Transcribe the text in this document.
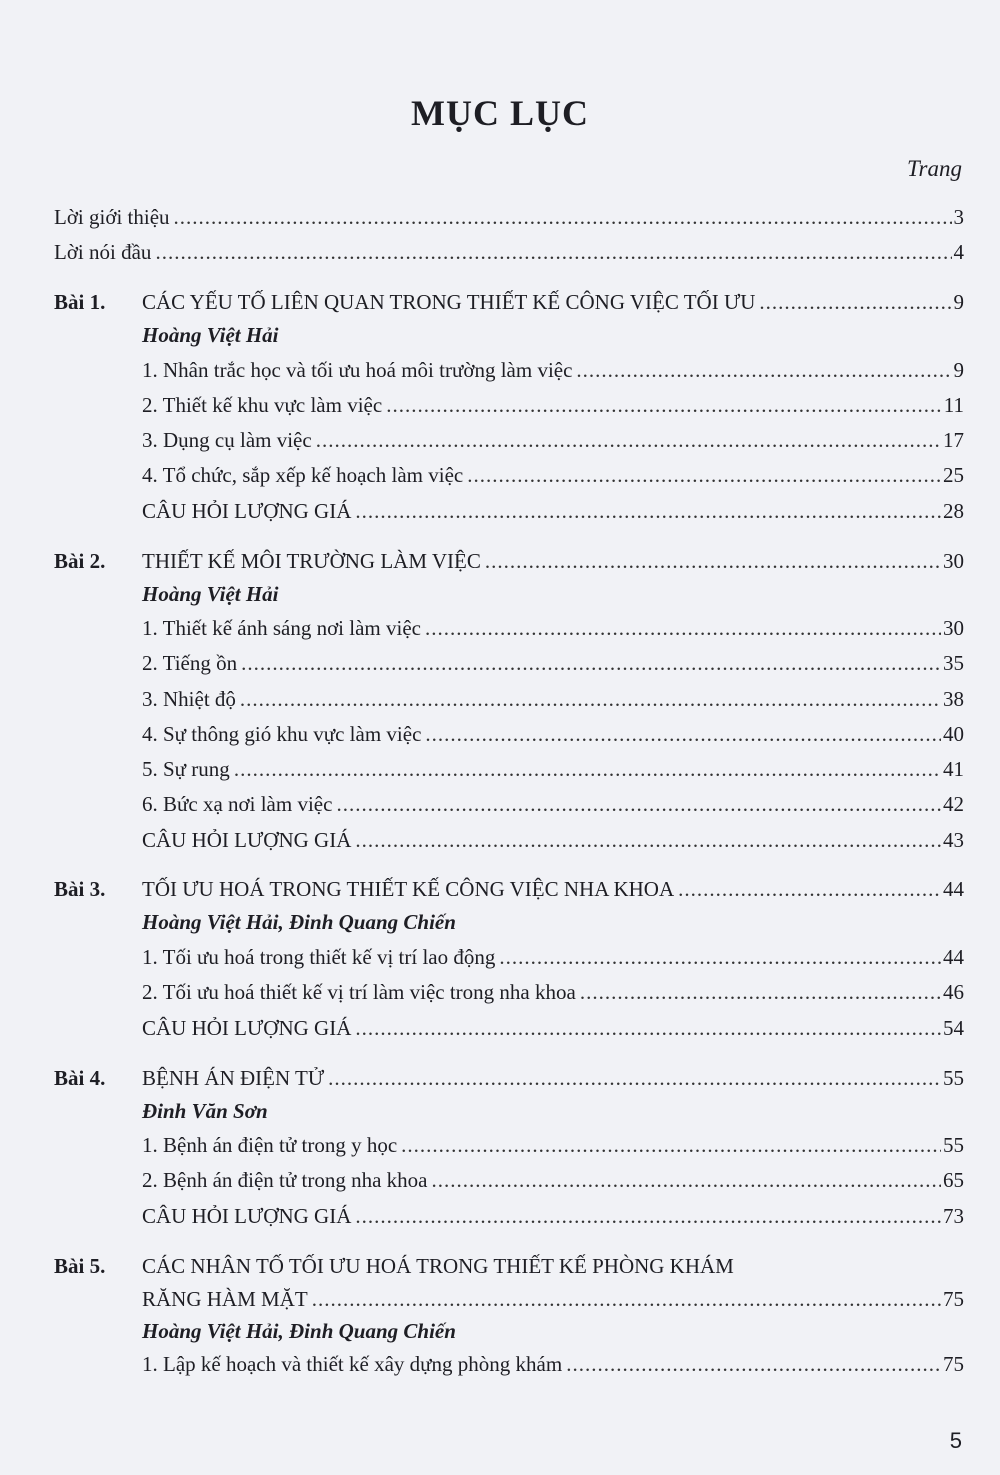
MỤC LỤC
Trang
Lời giới thiệu .....	3
Lời nói đầu .....	4
Bài 1. CÁC YẾU TỐ LIÊN QUAN TRONG THIẾT KẾ CÔNG VIỆC TỐI ƯU .....	9
Hoàng Việt Hải
1. Nhân trắc học và tối ưu hoá môi trường làm việc .....	9
2. Thiết kế khu vực làm việc .....	11
3. Dụng cụ làm việc .....	17
4. Tổ chức, sắp xếp kế hoạch làm việc .....	25
CÂU HỎI LƯỢNG GIÁ .....	28
Bài 2. THIẾT KẾ MÔI TRƯỜNG LÀM VIỆC .....	30
Hoàng Việt Hải
1. Thiết kế ánh sáng nơi làm việc .....	30
2. Tiếng ồn .....	35
3. Nhiệt độ .....	38
4. Sự thông gió khu vực làm việc .....	40
5. Sự rung .....	41
6. Bức xạ nơi làm việc .....	42
CÂU HỎI LƯỢNG GIÁ .....	43
Bài 3. TỐI ƯU HOÁ TRONG THIẾT KẾ CÔNG VIỆC NHA KHOA .....	44
Hoàng Việt Hải, Đinh Quang Chiến
1. Tối ưu hoá trong thiết kế vị trí lao động .....	44
2. Tối ưu hoá thiết kế vị trí làm việc trong nha khoa .....	46
CÂU HỎI LƯỢNG GIÁ .....	54
Bài 4. BỆNH ÁN ĐIỆN TỬ .....	55
Đinh Văn Sơn
1. Bệnh án điện tử trong y học .....	55
2. Bệnh án điện tử trong nha khoa .....	65
CÂU HỎI LƯỢNG GIÁ .....	73
Bài 5. CÁC NHÂN TỐ TỐI ƯU HOÁ TRONG THIẾT KẾ PHÒNG KHÁM
RĂNG HÀM MẶT .....	75
Hoàng Việt Hải, Đinh Quang Chiến
1. Lập kế hoạch và thiết kế xây dựng phòng khám .....	75
5
